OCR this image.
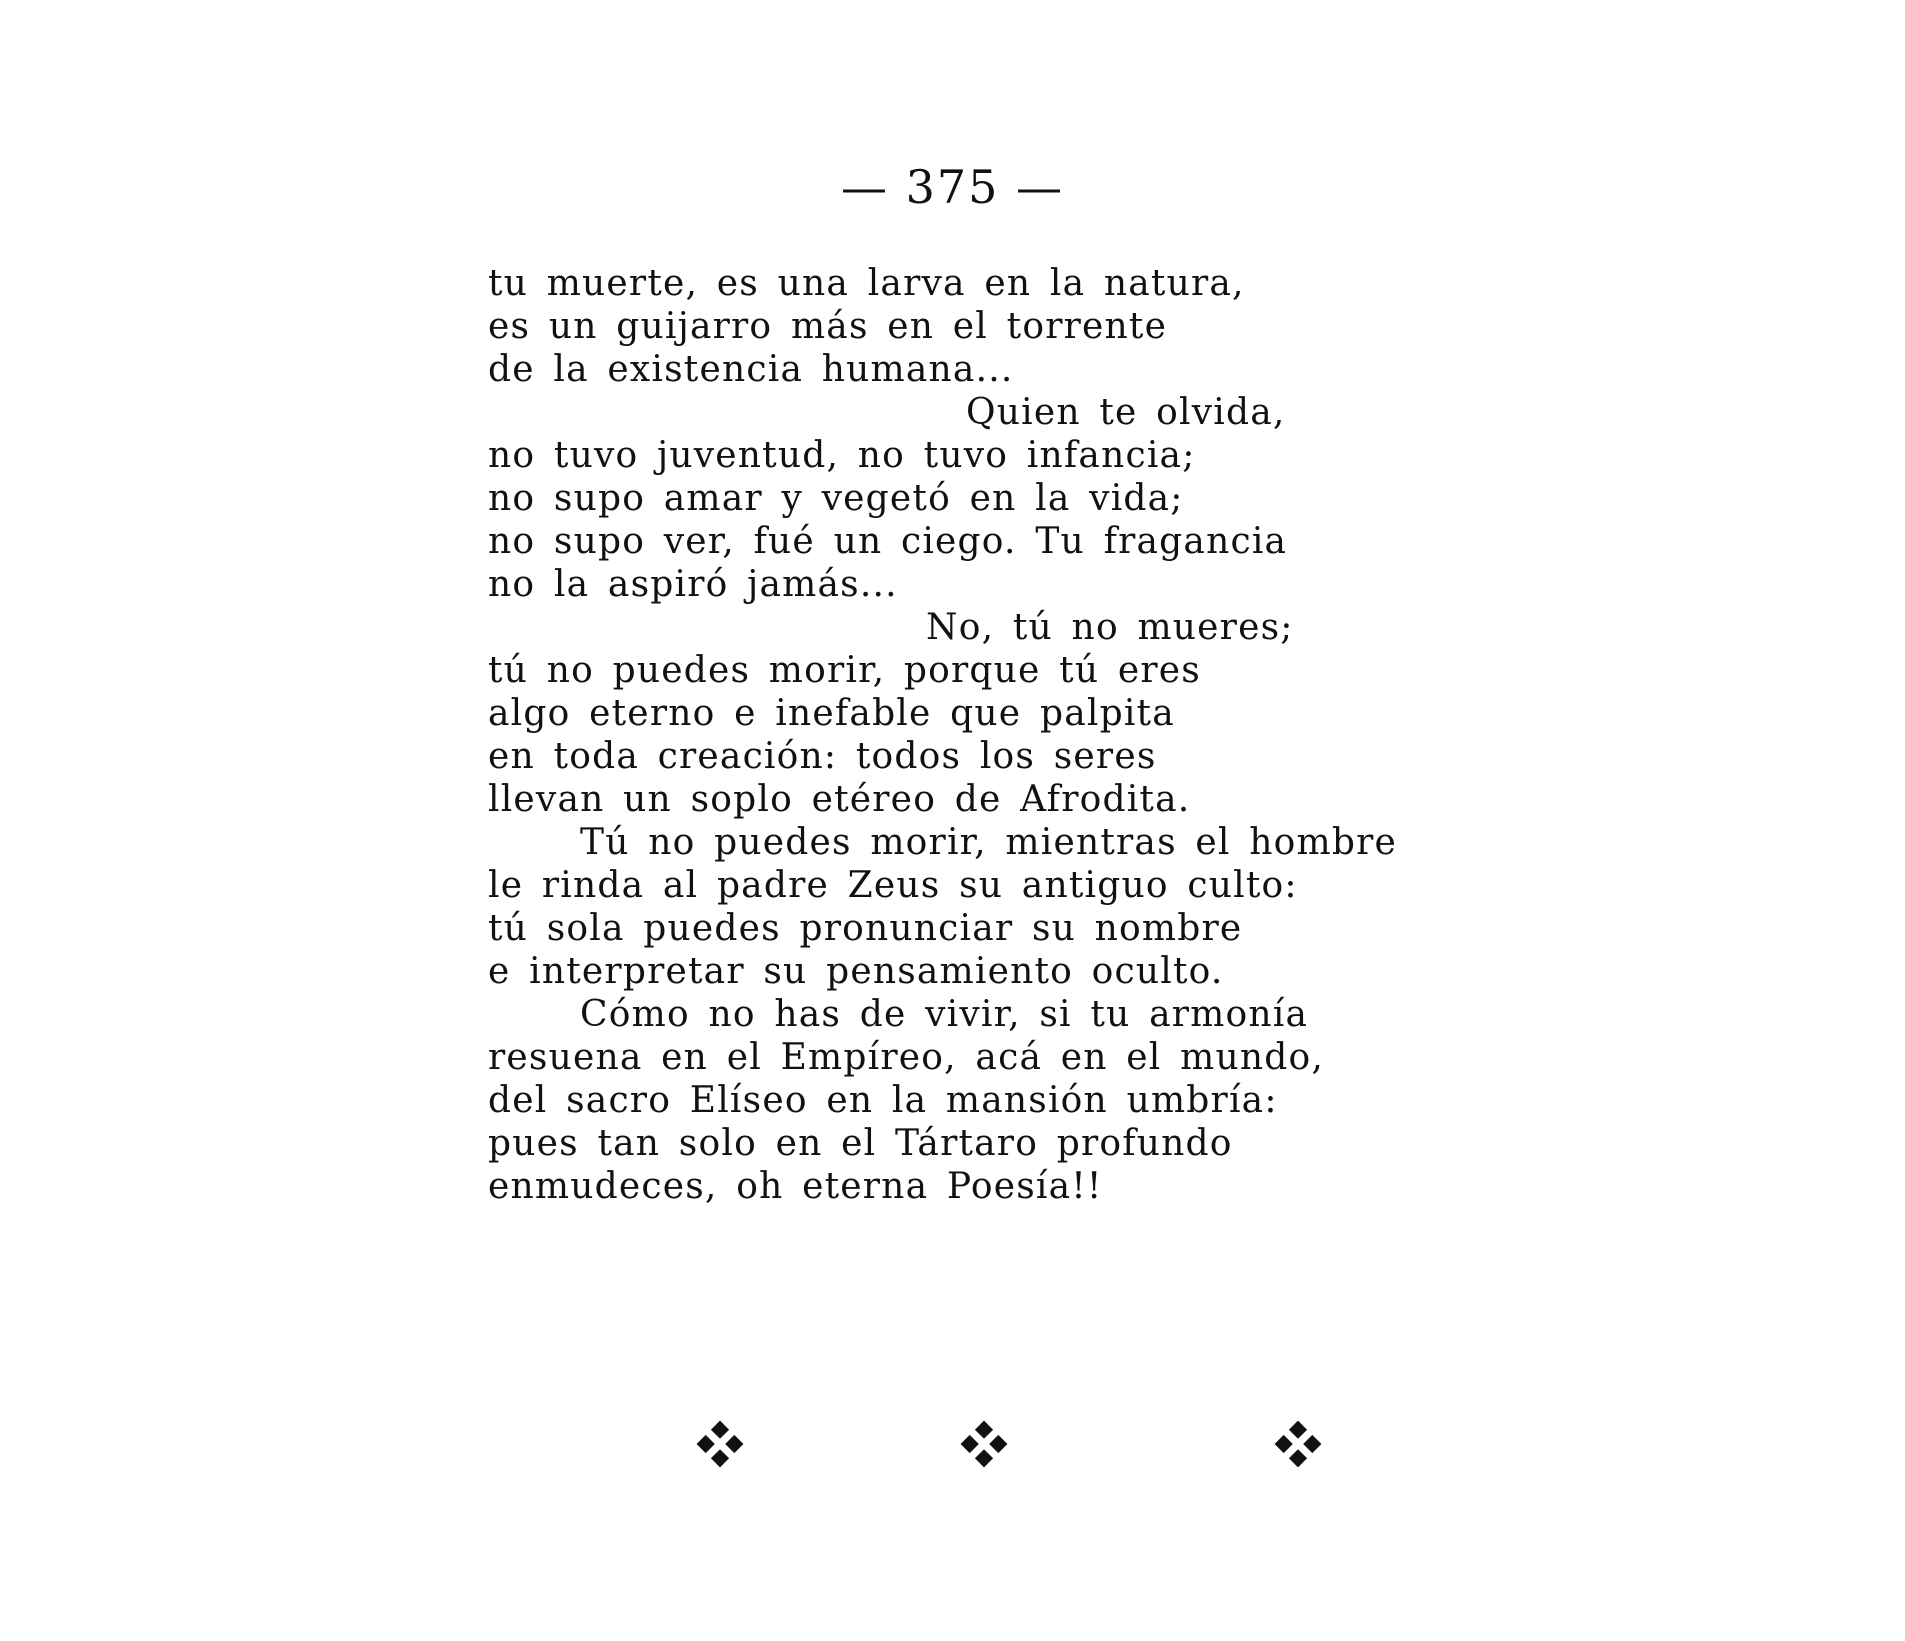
— 375 —
tu muerte, es una larva en la natura,
es un guijarro más en el torrente
de la existencia humana...
Quien te olvida,
no tuvo juventud, no tuvo infancia;
no supo amar y vegetó en la vida;
no supo ver, fué un ciego. Tu fragancia
no la aspiró jamás...
No, tú no mueres;
tú no puedes morir, porque tú eres
algo eterno e inefable que palpita
en toda creación: todos los seres
llevan un soplo etéreo de Afrodita.
Tú no puedes morir, mientras el hombre
le rinda al padre Zeus su antiguo culto:
tú sola puedes pronunciar su nombre
e interpretar su pensamiento oculto.
Cómo no has de vivir, si tu armonía
resuena en el Empíreo, acá en el mundo,
del sacro Elíseo en la mansión umbría:
pues tan solo en el Tártaro profundo
enmudeces, oh eterna Poesía!!
